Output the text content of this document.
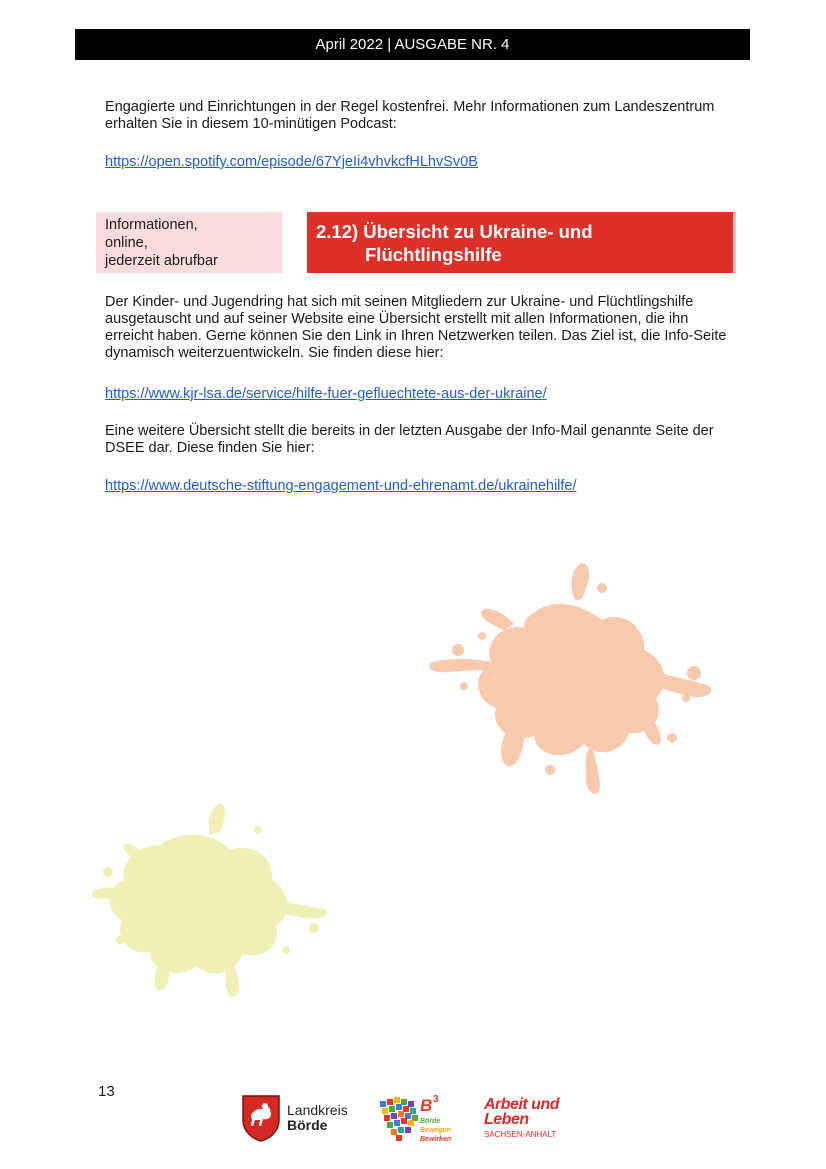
April 2022 | AUSGABE NR. 4

Engagierte und Einrichtungen in der Regel kostenfrei. Mehr Informationen zum Landeszentrum erhalten Sie in diesem 10-minütigen Podcast:

https://open.spotify.com/episode/67YjeIi4vhvkcfHLhvSv0B
Informationen,
online,
jederzeit abrufbar
2.12) Übersicht zu Ukraine- und
Flüchtlingshilfe

Der Kinder- und Jugendring hat sich mit seinen Mitgliedern zur Ukraine- und Flüchtlingshilfe ausgetauscht und auf seiner Website eine Übersicht erstellt mit allen Informationen, die ihn erreicht haben. Gerne können Sie den Link in Ihren Netzwerken teilen. Das Ziel ist, die Info-Seite dynamisch weiterzuentwickeln. Sie finden diese hier:

https://www.kjr-lsa.de/service/hilfe-fuer-gefluechtete-aus-der-ukraine/

Eine weitere Übersicht stellt die bereits in der letzten Ausgabe der Info-Mail genannte Seite der DSEE dar. Diese finden Sie hier:

https://www.deutsche-stiftung-engagement-und-ehrenamt.de/ukrainehilfe/
13
Landkreis
Börde
B 3
Börde
Bewegen
Bewirken
Arbeit und
Leben
SACHSEN-ANHALT
